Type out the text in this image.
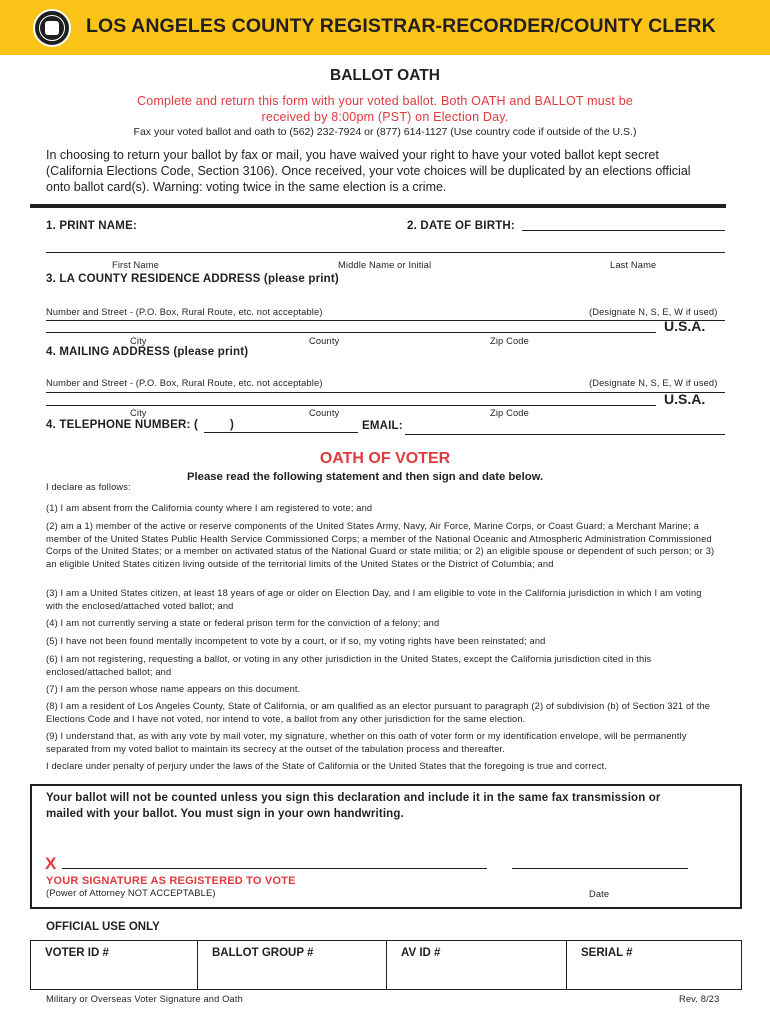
LOS ANGELES COUNTY REGISTRAR-RECORDER/COUNTY CLERK
BALLOT OATH
Complete and return this form with your voted ballot. Both OATH and BALLOT must be
received by 8:00pm (PST) on Election Day.
Fax your voted ballot and oath to (562) 232-7924 or (877) 614-1127 (Use country code if outside of the U.S.)
In choosing to return your ballot by fax or mail, you have waived your right to have your voted ballot kept secret
(California Elections Code, Section 3106). Once received, your vote choices will be duplicated by an elections official
onto ballot card(s). Warning: voting twice in the same election is a crime.
1. PRINT NAME:	2. DATE OF BIRTH:
First Name	Middle Name or Initial	Last Name
3. LA COUNTY RESIDENCE ADDRESS (please print)
Number and Street - (P.O. Box, Rural Route, etc. not acceptable)	(Designate N, S, E, W if used)
U.S.A.
City	County	Zip Code
4. MAILING ADDRESS (please print)
Number and Street - (P.O. Box, Rural Route, etc. not acceptable)	(Designate N, S, E, W if used)
U.S.A.
City	County	Zip Code
4. TELEPHONE NUMBER: (	)	EMAIL:
OATH OF VOTER
Please read the following statement and then sign and date below.
I declare as follows:
(1) I am absent from the California county where I am registered to vote; and
(2) am a 1) member of the active or reserve components of the United States Army, Navy, Air Force, Marine Corps, or Coast Guard; a Merchant Marine; a member of the United States Public Health Service Commissioned Corps; a member of the National Oceanic and Atmospheric Administration Commissioned Corps of the United States; or a member on activated status of the National Guard or state militia; or 2) an eligible spouse or dependent of such person; or 3) an eligible United States citizen living outside of the territorial limits of the United States or the District of Columbia; and
(3) I am a United States citizen, at least 18 years of age or older on Election Day, and I am eligible to vote in the California jurisdiction in which I am voting with the enclosed/attached voted ballot; and
(4) I am not currently serving a state or federal prison term for the conviction of a felony; and
(5) I have not been found mentally incompetent to vote by a court, or if so, my voting rights have been reinstated; and
(6) I am not registering, requesting a ballot, or voting in any other jurisdiction in the United States, except the California jurisdiction cited in this enclosed/attached ballot; and
(7) I am the person whose name appears on this document.
(8) I am a resident of Los Angeles County, State of California, or am qualified as an elector pursuant to paragraph (2) of subdivision (b) of Section 321 of the Elections Code and I have not voted, nor intend to vote, a ballot from any other jurisdiction for the same election.
(9) I understand that, as with any vote by mail voter, my signature, whether on this oath of voter form or my identification envelope, will be permanently separated from my voted ballot to maintain its secrecy at the outset of the tabulation process and thereafter.
I declare under penalty of perjury under the laws of the State of California or the United States that the foregoing is true and correct.
Your ballot will not be counted unless you sign this declaration and include it in the same fax transmission or
mailed with your ballot. You must sign in your own handwriting.
X
YOUR SIGNATURE AS REGISTERED TO VOTE
(Power of Attorney NOT ACCEPTABLE)	Date
OFFICIAL USE ONLY
VOTER ID #	BALLOT GROUP #	AV ID #	SERIAL #
Military or Overseas Voter Signature and Oath	Rev. 8/23
